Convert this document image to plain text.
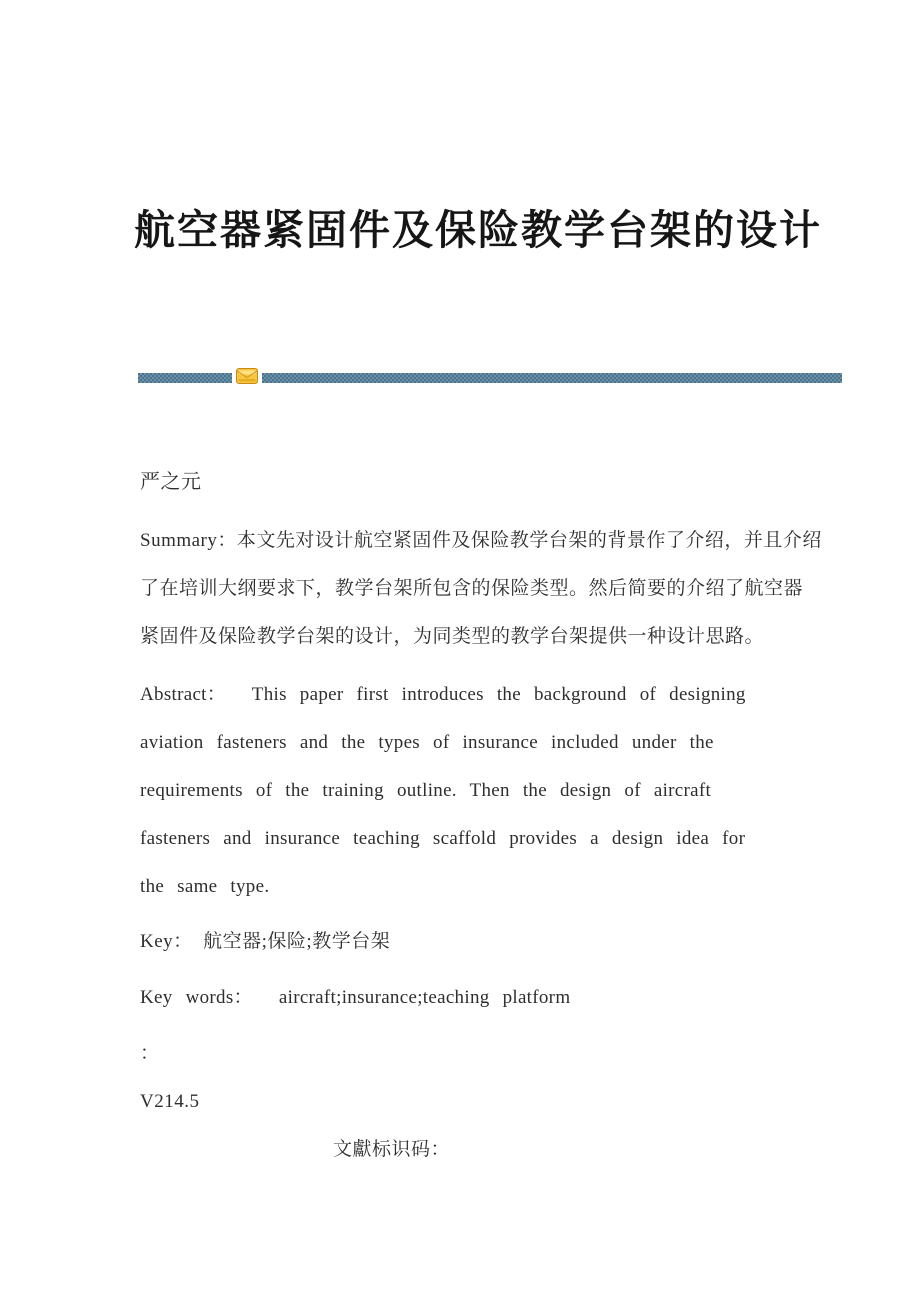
航空器紧固件及保险教学台架的设计
严之元
Summary：本文先对设计航空紧固件及保险教学台架的背景作了介绍，并且介绍
了在培训大纲要求下，教学台架所包含的保险类型。然后简要的介绍了航空器
紧固件及保险教学台架的设计，为同类型的教学台架提供一种设计思路。
Abstract：  This paper first introduces the background of designing
aviation fasteners and the types of insurance included under the
requirements of the training outline. Then the design of aircraft
fasteners and insurance teaching scaffold provides a design idea for
the same type.
Key：  航空器;保险;教学台架
Key words：  aircraft;insurance;teaching platform
：
V214.5
文獻标识码：
